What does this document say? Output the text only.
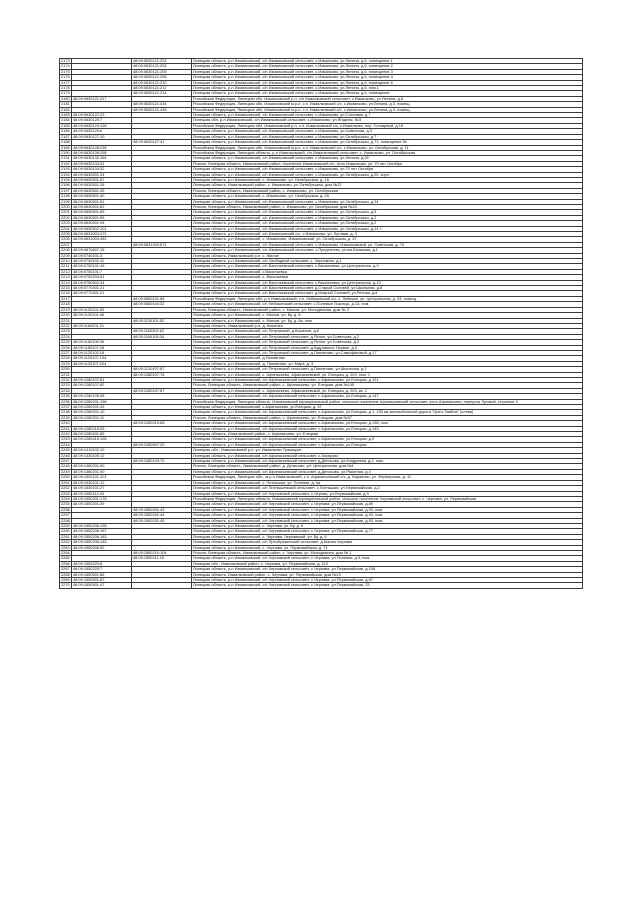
2173		48:09:0630121:201	Липецкая область, р-н Измалковский, с/п Измалковский сельсовет, с.Измалково, ул.Ленина, д.6, помещение 1
2174		48:09:0630121:204	Липецкая область, р-н Измалковский, с/п Измалковский сельсовет, с.Измалково, ул.Ленина, д.6, помещение 2
2175		48:09:0630121:205	Липецкая область, р-н Измалковский, с/п Измалковский сельсовет, с.Измалково, ул.Ленина, д.6, помещение 3
2176		48:09:0630121:206	Липецкая область, р-н Измалковский, с/п Измалковский сельсовет, с.Измалково, ул.Ленина, д.6, помещение 4
2177		48:09:0630121:210	Липецкая область, р-н Измалковский, с/п Измалковский сельсовет, с.Измалково, ул.Ленина, д.6, помещение 5
2178		48:09:0630121:211	Липецкая область, р-н Измалковский, с/п Измалковский сельсовет, с.Измалково, ул.Ленина, д.6, пом.1
2179		48:09:0630121:214	Липецкая область, р-н Измалковский, с/п Измалковский сельсовет, с.Измалково, ул.Ленина, д.6, помещение
2180	48:09:0630121:417		Российская Федерация, Липецкая обл, Измалковский р-н, с/п Измалковский сельсовет, с.Измалково, ул.Ленина, д.6
2181		48:09:0630121:434	Российская Федерация, Липецкая обл, Измалковский м.р-н, с.п. Измалковский с/с, с.Измалково, ул.Ленина, д.3, помещ.
2182		48:09:0630121:436	Российская Федерация, Липецкая обл, Измалковский м.р-н, с.п. Измалковский с/с, с.Измалково, ул.Ленина, д.3, помещ.
2183	48:09:0630122:23		Липецкая область, р-н Измалковский, с/п Измалковский сельсовет, с.Измалково, ул.Столовая, д.7
2184	48:09:0630125:7		Липецкая обл, р-н Измалковский, с/п Измалковский сельсовет, с.Измалково, ул.Ягодная, №3
2185	48:09:0630124:126		Российская Федерация, Липецкая обл, Измалковский р-н, с.п. Измалковский с/с, с.Измалково, пер. Гончарный, д.1б
2186	48:09:0630125:6		Липецкая область, р-н Измалковский, с/п Измалковский сельсовет, с.Измалково, ул.Советская, д.3
2187	48:09:0630127:10		Липецкая область, р-н Измалковский, с/п Измалковский сельсовет, с.Измалково, ул.Октябрьская, д.7
2188		48:09:0630127:41	Липецкая область, р-н Измалковский, с/п Измалковский сельсовет, с.Измалково, ул.Октябрьская, д.71, помещение №
2189	48:09:0630128:235		Российская Федерация, Липецкая обл, Измалковский м.р-н, с.п. Измалковский с/с, с.Измалково, ул. Октябрьская, д. 11
2190	48:09:0630128:258		Российская Федерация, Липецкая область, р-н Измалковский, с/п Измалковский сельсовет, с. Измалково, ул. Октябрьская
2191	48:09:0630132:164		Липецкая область, р-н Измалковский, с/п Измалковский сельсовет, с.Измалково, ул.Ленина, д.26
2192	48:09:0630133:31		Россия, Липецкая область, Измалковский район, поселение Измалковский с/с, село Измалково, ул. 70 лет Октября
2193	48:09:0630134:32		Липецкая область, р-н Измалковский, с/п Измалковский сельсовет, с.Измалково, ул.70 лет Октября
2194	48:09:0630501:34		Липецкая область, р-н Измалковский, с/п Измалковский сельсовет, с.Измалково, ул.Октябрьская, д.20, корп.
2195	48:09:0630501:57		Липецкая область, р-н Измалковский, с. Измалково, ул. Октябрьская, д. 15
2196	48:09:0630501:26		Липецкая область, Измалковский район, с. Измалково, ул.'Октябрьская, дом №22
2197	48:09:0630501:35		Россия, Липецкая область, Измалковский район, с. Измалково, ул. Октябрьская
2198	48:09:0630501:40		Липецкая область, р-н Измалковский, с. Измалково, ул. Октябрьская, д. 28
2199	48:09:0630501:51		Липецкая область, р-н Измалковский, с/п Измалковский сельсовет, с.Измалково, ул.Октябрьская, д.24
2200	48:09:0630501:62		Россия, Липецкая область, Измалковский район, с. Измалково, ул. Октябрьская, дом №24
2201	48:09:0630501:85		Липецкая область, р-н Измалковский, с/п Измалковский сельсовет, с.Измалково, ул.Октябрьская, д.5
2202	48:09:0630501:95		Липецкая область, р-н Измалковский, с/п Измалковский сельсовет, с.Измалково, ул.Октябрьская, д.2
2203	48:09:0630501:94		Липецкая область, р-н Измалковский, с/п Измалковский сельсовет, с.Измалково, ул.Октябрьская, д.2
2204	48:09:0630502:101		Липецкая область, р-н Измалковский, с/п Измалковский сельсовет, с.Измалково, ул.Октябрьская, д.24 'г'
2205	48:09:0631003:472		Липецкая область, р-н Измалковский, с/п Измалковский с/с, с.Измалково, ул. Луговая, д. 3
2206	48:09:0631003:481		Липецкая область, р-н Измалковский, с. Измалково, Измалковский, ул. Октябрьская, д. 37
2207		48:09:0631003:671	Липецкая область, р-н Измалковский, с/п Измалковский сельсовет, с.Измалково, Измалковский, ул. Советская, д. 70
2208	48:09:0670607:15		Липецкая область, р-н Измалковский, с/п Измалковский сельсовет, с.Предтечево, ул.им.Белякова, д.1
2209	48:09:0740101:3		Липецкая область, Измалковский р-н, с. Жилое
2210	48:09:0740101:11		Липецкая область, р-н Измалковский, с/п Свободный сельсовет, с. Черникино, д.1
2211	48:09:0750101:16		Липецкая область, р-н Измалковский, с/п Васильевский сельсовет, с.Васильевка, ул.Центральная, д.9
2212	48:09:0750101:7		Липецкая область, р-н Измалковский, с.Васильевка
2213	48:09:0750203:51		Липецкая область, р-н Измалковский, с. Васильевка
2214	48:09:0750502:34		Липецкая область, р-н Измалковский, с/п Васильевский сельсовет, с.Васильевка, ул.Центральная, д.13
2215	48:09:0770401:21		Липецкая область, р-н Измалковский, с/п Васильевский сельсовет, д.Старый Соловей, ул.Школьная, д.8
2216	48:09:0770401:21		Липецкая область, р-н Измалковский, с/п Васильевский сельсовет, д.Мокрый Соловей, ул.Речная, д.8
2217		48:09:0850101:66	Российская Федерация, Липецкая обл, р-н Измалковский, с.п. Лебяжинский с/с, с. Лебяжье, ул. Центральная, д. 53, помещ.
2218		48:09:0860104:32	Липецкая область, р-н Измалковский, с/п Лебяжинский сельсовет, с.Полевые Локотцы, д.13, пом.
2219	48:09:1120101:53		Россия, Липецкая область, Измалковский район, с. Мягков, ул. Молодежная, дом № 3
2220	48:09:1120101:46		Липецкая область, р-н Измалковский, с. Мягков, ул. Бу, д. 6
2221		48:09:1120101:52	Липецкая область, р-н Измалковский, с. Мягков, ул. Бу, д. 6а, пом.
2222	48:09:1160201:21		Липецкая область, Измалковский р-н, д. Кошелес
2223		48:09:1160302:62	Липецкая область, р-н Измалковский, с/п Петровский, д.Кошелев, д.6
2224		48:09:1160105:34	Липецкая область, р-н Измалковский, с/п Петровский сельсовет, д.Ясное, ул.Советская, д.2
2225	48:09:1160105:35		Липецкая область, р-н Измалковский, с/п Петровский сельсовет, д.Ясное, ул.Советская, д.2
2226	48:09:1160107:18		Липецкая область, р-н Измалковский, с/п Петровский сельсовет, д.Кудрявское Первое, д.3
2227	48:09:1120102:18		Липецкая область, р-н Измалковский, с/п Петровский сельсовет, д.Пановтово, ул.Самофаловой, д.17
2228	48:09:1120107:104		Липецкая область, р-н Измалковский, д.Пановтово
2229	48:09:1120107:104		Липецкая область, р-н Измалковский, д. Пановтово, ул. Мира, д. 3
2230		48:09:1210107:87	Липецкая область, р-н Измалковский, с/п Петровский сельсовет, д.Пановтово, ул.Школьная, д.1
2231		48:09:1280107:76	Липецкая область, р-н Измалковский, с. Афанасьево, Афанасьевский, ул. Елецкая, д. 203, пом. 1
2232	48:09:1280107:81		Липецкая область, р-н Измалковский, с/п Афанасьевский сельсовет, с.Афанасьево, ул.Елецкая, д.151
2233	48:09:1280107:82		Россия, Липецкая область, Измалковский район, с. Афанасьево, ул. Елецкая, дом №145
2234		48:09:1280107:87	Липецкая область, р-н Измалковский, с. Афанасьево, Афанасьевский, ул. Елецкая, д. 203, кв. 1
2235	48:09:1280105:58		Липецкая область, р-н Измалковский, с/п Афанасьевский сельсовет, с.Афанасьево, ул.Елецкая, д.147
2236	48:09:1280201:158		Российская Федерация, Липецкая область, Измалковский муниципальный район, сельское поселение Афанасьевский сельсовет, село Афанасьево, переулок Луговой, строение 3
2237	48:09:1280201:33		Липецкая область, р-н Измалковский, с.Афанасьево, ул.Елецкая, д. 37
2238	48:09:1280201:10		Липецкая область, р-н Измалковский, с/п Афанасьевский сельсовет, с.Афанасьево, ул.Елецкая, д.1, 135 км автомобильной дороги "Орел-Тамбов" (слева)
2239	48:09:1280201:11		Россия, Липецкая область, Измалковский район, с. Афанасьево, ул. Елецкая, дом №37
2240		48:09:1280215:68	Липецкая область, р-н Измалковский, с/п Афанасьевский сельсовет, с.Афанасьево, ул.Елецкая, д.135, пом.
2241	48:09:1280215:53		Липецкая область, р-н Измалковский, с/п Афанасьевский сельсовет, с.Афанасьево, ул.Елецкая, д.143
2242	48:09:1280401:55		Липецкая область, Измалковский район, с. Афанасьево, ул. Елецкая
2243	48:09:1280415:128		Липецкая область, р-н Измалковский, с/п Афанасьевский сельсовет, с.Афанасьево, ул.Елецкая, д.9
2244		48:09:1280507:20	Липецкая область, р-н Измалковский, с/п Афанасьевский сельсовет, с.Афанасьево, ул.Елецкая
2245	48:09:1410102:10		Липецкая обл., Измалковский р-н, ул. Измалково Тракицкое
2246	48:09:1430105:12		Липецкая область, р-н Измалковский, с/п Афанасьевский сельсовет, с.Захарово
2247		48:09:1480103:70	Липецкая область, р-н Измалковский, с/п Афанасьевский сельсовет, д.Денисово, ул.Кондреева, д.2, пом.
2248	48:09:1480201:60		Россия, Липецкая область, Измалковский район, д. Денисово, ул. Центральная, дом №4
2249	48:09:1480201:40		Липецкая область, р-н Измалковский, с/п Афанасьевский сельсовет, д.Денисово, ул.Ракитная, д.4
2250	48:09:1520101:113		Российская Федерация, Липецкая обл., м.р-н Измалковский, с.п. Афанасьевский с/с, д. Бараново, ул. Фермерская, д. 11
2251	48:09:1530101:12		Липецкая область, р-н Измалковский, с. Питнышки, ул. Полевая, д. 6а
2252	48:09:1530101:27		Липецкая область, р-н Измалковский, с/п Питнышевский сельсовет, с.Питнышки, ул.Первомайская, д.2
2253	48:09:1550112:43		Липецкая область, р-н Измалковский, с/п Черновский сельсовет, с.Черная, ул.Первомайская, д.3
2254	48:09:1550201:178		Российская Федерация, Липецкая область, Измалковский муниципальный район, сельское поселение Чернавский сельсовет, с. Чернава, ул. Первомайская
2255	48:09:1550201:39		Липецкая область, р-н Измалковский, с/п Чернавский сельсовет, с.Чернава, ул.Первомайская, д.89
2256		48:09:1550201:43	Липецкая область, р-н Измалковский, с/п Чернавский сельсовет, с.Чернава, ул.Первомайская, д.93, пом.
2257		48:09:1550201:44	Липецкая область, р-н Измалковский, с/п Чернавский сельсовет, с.Чернава, ул.Первомайская, д.93, пом.
2258		48:09:1550201:45	Липецкая область, р-н Измалковский, с/п Чернавский сельсовет, с.Чернава, ул.Первомайская, д.93, пом.
2259	48:09:1550206:135		Липецкая область, р-н Измалковский, с. Чернава, ул. Бу, д. 6
2260	48:09:1550206:167		Липецкая область, р-н Измалковский, с/п Чернавский сельсовет, с.Чернава, ул.Первомайская, д.77
2261	48:09:1550206:183		Липецкая область, р-н Измалковский, с. Чернава, Чернавский, ул. Бу, д. 6
2262	48:09:1550206:145		Липецкая область, р-н Измалковский, с/п Преображенский сельсовет, д.Малая Чернава
2263	48:09:1550206:52		Липецкая область, р-н Измалковский, с. Чернава, ул. Первомайская, д. 71
2264		48:09:1550210:104	Россия, Липецкая область, Измалковский район, с. Чернава, ул. Молодежная, дом № 1
2265		48:09:1550211:16	Липецкая область, р-н Измалковский, с/п Чернавский сельсовет, с.Чернава, ул.Полевая, д.5, пом.
2266	48:09:1550220:8		Липецкая обл., Измалковский район, с. Чернава, ул. Первомайская, д. 110
2267	48:09:1550220:7		Липецкая область, р-н Измалковский, с/п Чернавский сельсовет, с.Чернава, ул.Первомайская, д.108
2268	48:09:1550501:86		Липецкая область, Измалковский район, с. Чернава, ул. Первомайская, дом №19
2269	48:09:1550501:87		Липецкая область, р-н Измалковский, с/п Чернавский сельсовет, с.Чернава, ул.Первомайская, д.87
2270	48:09:1550501:47		Липецкая область, р-н Измалковский, с/п Чернавский сельсовет, с.Чернава, ул.Первомайская, 33
